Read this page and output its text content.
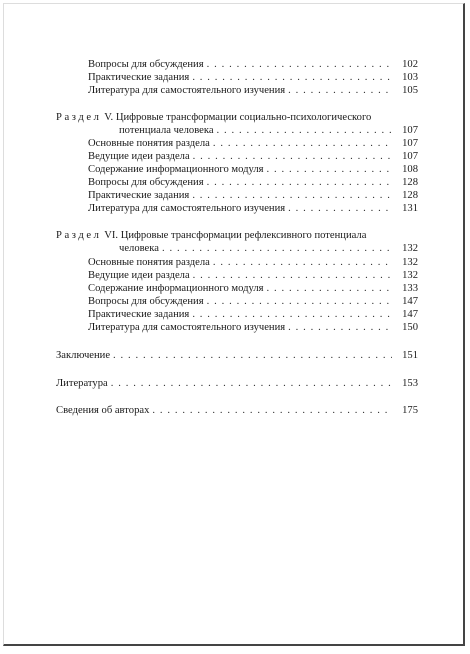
Вопросы для обсуждения . . .	102
Практические задания . . .	103
Литература для самостоятельного изучения . . .	105
Раздел V. Цифровые трансформации социально-психологического
потенциала человека . . .	107
Основные понятия раздела . . .	107
Ведущие идеи раздела . . .	107
Содержание информационного модуля . . .	108
Вопросы для обсуждения . . .	128
Практические задания . . .	128
Литература для самостоятельного изучения . . .	131
Раздел VI. Цифровые трансформации рефлексивного потенциала
человека . . .	132
Основные понятия раздела . . .	132
Ведущие идеи раздела . . .	132
Содержание информационного модуля . . .	133
Вопросы для обсуждения . . .	147
Практические задания . . .	147
Литература для самостоятельного изучения . . .	150
Заключение . . .	151
Литература . . .	153
Сведения об авторах . . .	175
